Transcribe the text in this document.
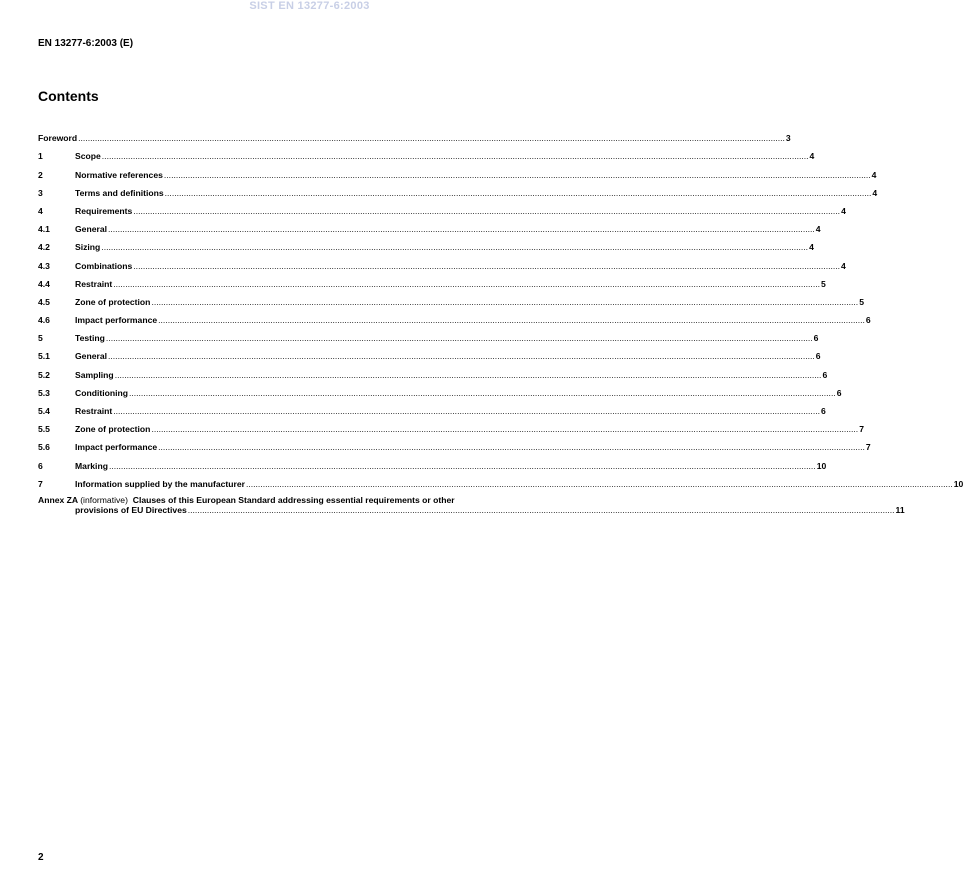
SIST EN 13277-6:2003
EN 13277-6:2003 (E)
Contents
Foreword .....	3
1	Scope .....	4
2	Normative references .....	4
3	Terms and definitions .....	4
4	Requirements .....	4
4.1	General .....	4
4.2	Sizing .....	4
4.3	Combinations .....	4
4.4	Restraint .....	5
4.5	Zone of protection .....	5
4.6	Impact performance .....	6
5	Testing .....	6
5.1	General .....	6
5.2	Sampling .....	6
5.3	Conditioning .....	6
5.4	Restraint .....	6
5.5	Zone of protection .....	7
5.6	Impact performance .....	7
6	Marking .....	10
7	Information supplied by the manufacturer .....	10
Annex ZA (informative) Clauses of this European Standard addressing essential requirements or other
provisions of EU Directives .....	11
2
